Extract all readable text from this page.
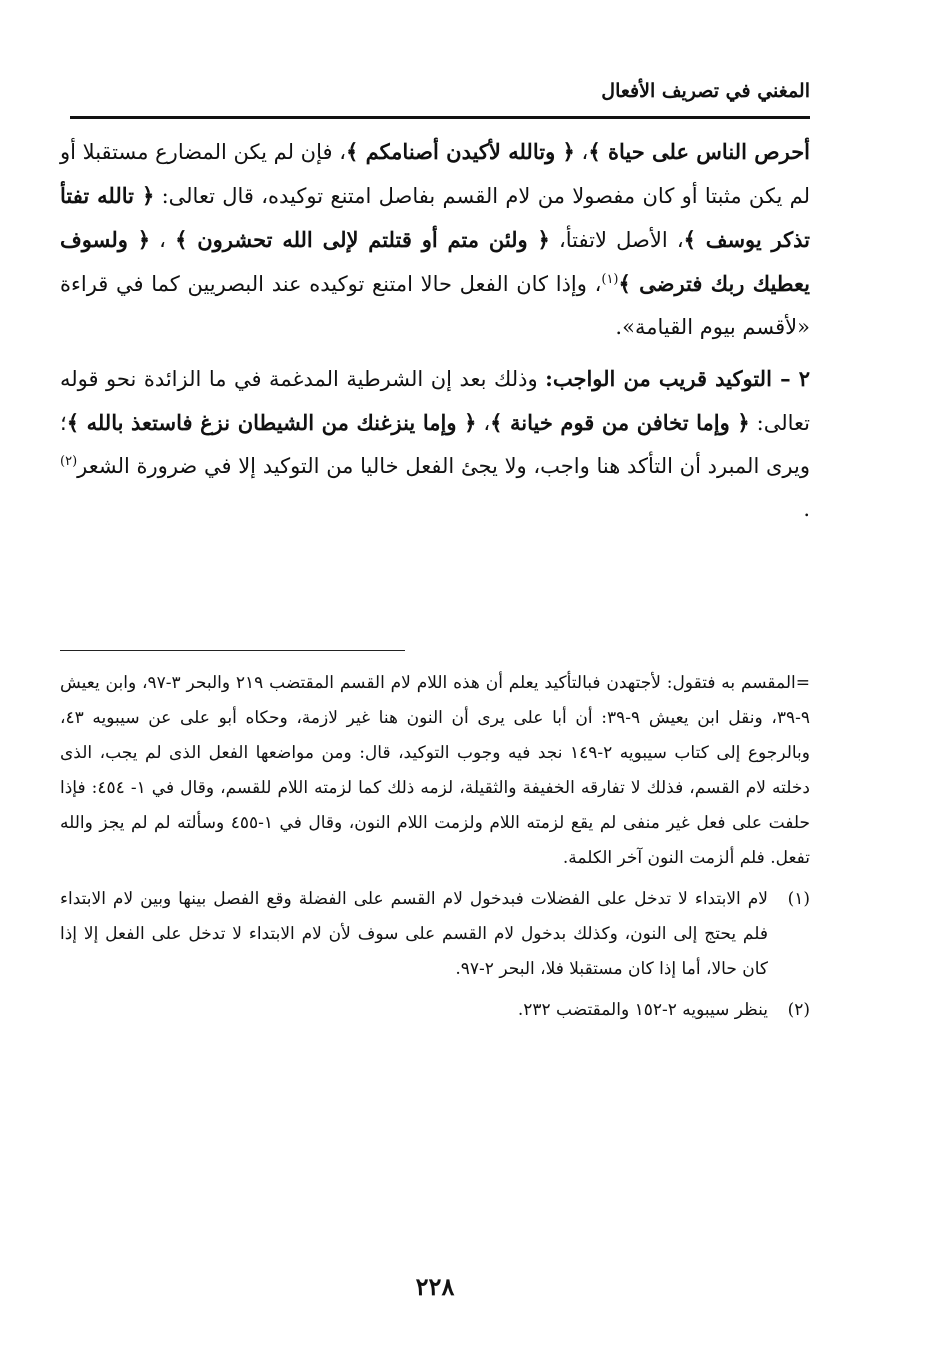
المغني في تصريف الأفعال

أحرص الناس على حياة ﴾، ﴿ وتالله لأكيدن أصنامكم ﴾، فإن لم يكن المضارع مستقبلا أو لم يكن مثبتا أو كان مفصولا من لام القسم بفاصل امتنع توكيده، قال تعالى: ﴿ تالله تفتأ تذكر يوسف ﴾، الأصل لاتفتأ، ﴿ ولئن متم أو قتلتم لإلى الله تحشرون ﴾ ، ﴿ ولسوف يعطيك ربك فترضى ﴾$^{(١)}$، وإذا كان الفعل حالا امتنع توكيده عند البصريين كما في قراءة «لأقسم بيوم القيامة».

٢ – التوكيد قريب من الواجب: وذلك بعد إن الشرطية المدغمة في ما الزائدة نحو قوله تعالى: ﴿ وإما تخافن من قوم خيانة ﴾، ﴿ وإما ينزغنك من الشيطان نزغ فاستعذ بالله ﴾؛ ويرى المبرد أن التأكد هنا واجب، ولا يجئ الفعل خاليا من التوكيد إلا في ضرورة الشعر$^{(٢)}$ .

=المقسم به فتقول: لأجتهدن فبالتأكيد يعلم أن هذه اللام لام القسم المقتضب ٢١٩ والبحر ٣-٩٧، وابن يعيش ٩-٣٩، ونقل ابن يعيش ٩-٣٩: أن أبا على يرى أن النون هنا غير لازمة، وحكاه أبو على عن سيبويه ٤٣، وبالرجوع إلى كتاب سيبويه ٢-١٤٩ نجد فيه وجوب التوكيد، قال: ومن مواضعها الفعل الذى لم يجب، الذى دخلته لام القسم، فذلك لا تفارقه الخفيفة والثقيلة، لزمه ذلك كما لزمته اللام للقسم، وقال في ١- ٤٥٤: فإذا حلفت على فعل غير منفى لم يقع لزمته اللام ولزمت اللام النون، وقال في ١-٤٥٥ وسألته لم لم يجز والله تفعل. فلم ألزمت النون آخر الكلمة.

(١)
لام الابتداء لا تدخل على الفضلات فبدخول لام القسم على الفضلة وقع الفصل بينها وبين لام الابتداء فلم يحتج إلى النون، وكذلك بدخول لام القسم على سوف لأن لام الابتداء لا تدخل على الفعل إلا إذا كان حالا، أما إذا كان مستقبلا فلا، البحر ٢-٩٧.

(٢)
ينظر سيبويه ٢-١٥٢ والمقتضب ٢٣٢.

٢٢٨
